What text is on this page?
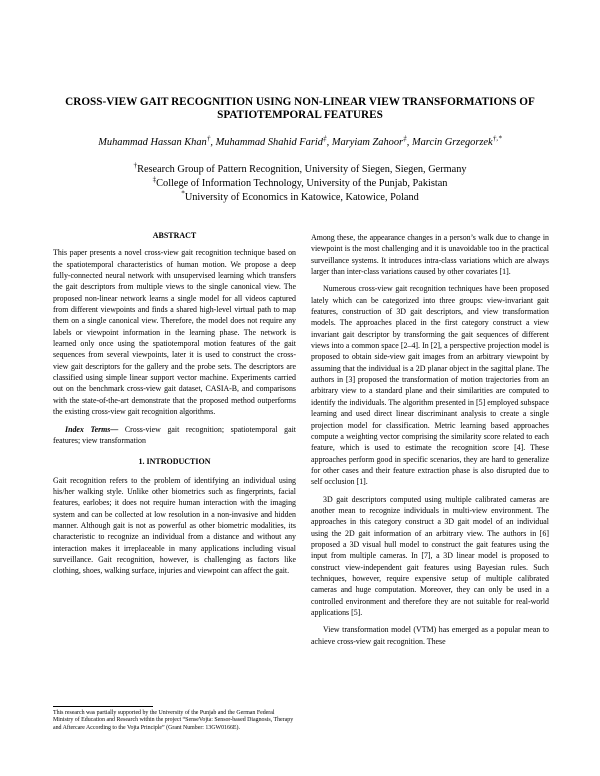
CROSS-VIEW GAIT RECOGNITION USING NON-LINEAR VIEW TRANSFORMATIONS OF
SPATIOTEMPORAL FEATURES
Muhammad Hassan Khan†, Muhammad Shahid Farid‡, Maryiam Zahoor‡, Marcin Grzegorzek†,*
†Research Group of Pattern Recognition, University of Siegen, Siegen, Germany
‡College of Information Technology, University of the Punjab, Pakistan
*University of Economics in Katowice, Katowice, Poland
ABSTRACT
This paper presents a novel cross-view gait recognition technique based on the spatiotemporal characteristics of human motion. We propose a deep fully-connected neural network with unsupervised learning which transfers the gait descriptors from multiple views to the single canonical view. The proposed non-linear network learns a single model for all videos captured from different viewpoints and finds a shared high-level virtual path to map them on a single canonical view. Therefore, the model does not require any labels or viewpoint information in the learning phase. The network is learned only once using the spatiotemporal motion features of the gait sequences from several viewpoints, later it is used to construct the cross-view gait descriptors for the gallery and the probe sets. The descriptors are classified using simple linear support vector machine. Experiments carried out on the benchmark cross-view gait dataset, CASIA-B, and comparisons with the state-of-the-art demonstrate that the proposed method outperforms the existing cross-view gait recognition algorithms.
Index Terms— Cross-view gait recognition; spatiotemporal gait features; view transformation
1. INTRODUCTION
Gait recognition refers to the problem of identifying an individual using his/her walking style. Unlike other biometrics such as fingerprints, facial features, earlobes; it does not require human interaction with the imaging system and can be collected at low resolution in a non-invasive and hidden manner. Although gait is not as powerful as other biometric modalities, its characteristic to recognize an individual from a distance and without any interaction makes it irreplaceable in many applications including visual surveillance. Gait recognition, however, is challenging as factors like clothing, shoes, walking surface, injuries and viewpoint can affect the gait.
This research was partially supported by the University of the Punjab and the German Federal Ministry of Education and Research within the project “SenseVojta: Sensor-based Diagnosis, Therapy and Aftercare According to the Vojta Principle” (Grant Number: 13GW0166E).
Among these, the appearance changes in a person’s walk due to change in viewpoint is the most challenging and it is unavoidable too in the practical surveillance systems. It introduces intra-class variations which are always larger than inter-class variations caused by other covariates [1].
Numerous cross-view gait recognition techniques have been proposed lately which can be categorized into three groups: view-invariant gait features, construction of 3D gait descriptors, and view transformation models. The approaches placed in the first category construct a view invariant gait descriptor by transforming the gait sequences of different views into a common space [2–4]. In [2], a perspective projection model is proposed to obtain side-view gait images from an arbitrary viewpoint by assuming that the individual is a 2D planar object in the sagittal plane. The authors in [3] proposed the transformation of motion trajectories from an arbitrary view to a standard plane and their similarities are computed to identify the individuals. The algorithm presented in [5] employed subspace learning and used direct linear discriminant analysis to create a single projection model for classification. Metric learning based approaches compute a weighting vector comprising the similarity score related to each feature, which is used to estimate the recognition score [4]. These approaches perform good in specific scenarios, they are hard to generalize for other cases and their feature extraction phase is also disrupted due to self occlusion [1].
3D gait descriptors computed using multiple calibrated cameras are another mean to recognize individuals in multi-view environment. The approaches in this category construct a 3D gait model of an individual using the 2D gait information of an arbitrary view. The authors in [6] proposed a 3D visual hull model to construct the gait features using the input from multiple cameras. In [7], a 3D linear model is proposed to construct view-independent gait features using Bayesian rules. Such techniques, however, require expensive setup of multiple calibrated cameras and huge computation. Moreover, they can only be used in a controlled environment and therefore they are not suitable for real-world applications [5].
View transformation model (VTM) has emerged as a popular mean to achieve cross-view gait recognition. These
